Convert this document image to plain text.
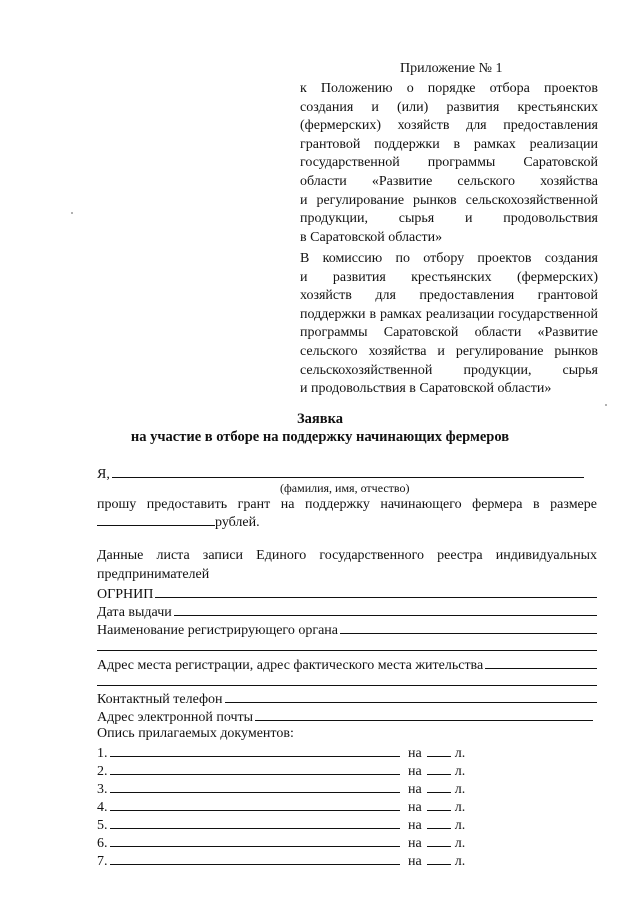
Приложение № 1
к Положению о порядке отбора проектов
создания и (или) развития крестьянских
(фермерских) хозяйств для предоставления
грантовой поддержки в рамках реализации
государственной программы Саратовской
области «Развитие сельского хозяйства
и регулирование рынков сельскохозяйственной
продукции, сырья и продовольствия
в Саратовской области»
В комиссию по отбору проектов создания
и развития крестьянских (фермерских)
хозяйств для предоставления грантовой
поддержки в рамках реализации государственной
программы Саратовской области «Развитие
сельского хозяйства и регулирование рынков
сельскохозяйственной продукции, сырья
и продовольствия в Саратовской области»
Заявка
на участие в отборе на поддержку начинающих фермеров
Я,
(фамилия, имя, отчество)
прошу предоставить грант на поддержку начинающего фермера в размере
рублей.
Данные листа записи Единого государственного реестра индивидуальных
предпринимателей
ОГРНИП
Дата выдачи
Наименование регистрирующего органа
Адрес места регистрации, адрес фактического места жительства
Контактный телефон
Адрес электронной почты
Опись прилагаемых документов:
1.	на л.
2.	на л.
3.	на л.
4.	на л.
5.	на л.
6.	на л.
7.	на л.
